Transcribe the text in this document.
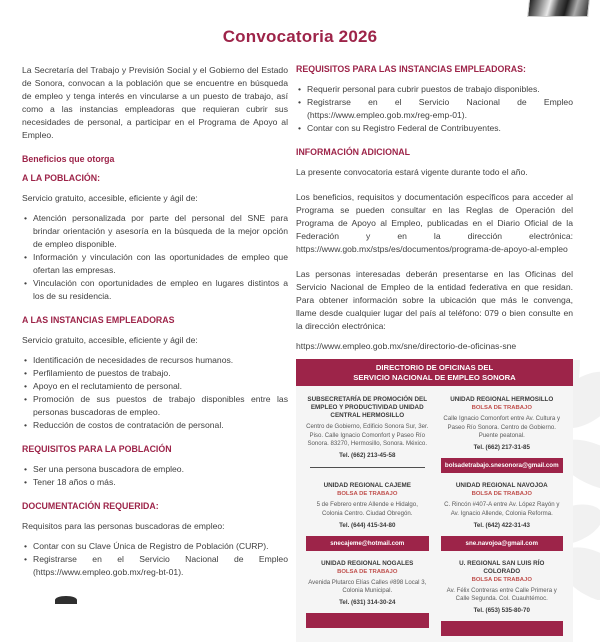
Convocatoria 2026

La Secretaría del Trabajo y Previsión Social y el Gobierno del Estado de Sonora, convocan a la población que se encuentre en búsqueda de empleo y tenga interés en vincularse a un puesto de trabajo, así como a las instancias empleadoras que requieran cubrir sus necesidades de personal, a participar en el Programa de Apoyo al Empleo.

Beneficios que otorga
A LA POBLACIÓN:

Servicio gratuito, accesible, eficiente y ágil de:

• Atención personalizada por parte del personal del SNE para brindar orientación y asesoría en la búsqueda de la mejor opción de empleo disponible.
• Información y vinculación con las oportunidades de empleo que ofertan las empresas.
• Vinculación con oportunidades de empleo en lugares distintos a los de su residencia.
A LAS INSTANCIAS EMPLEADORAS

Servicio gratuito, accesible, eficiente y ágil de:

• Identificación de necesidades de recursos humanos.
• Perfilamiento de puestos de trabajo.
• Apoyo en el reclutamiento de personal.
• Promoción de sus puestos de trabajo disponibles entre las personas buscadoras de empleo.
• Reducción de costos de contratación de personal.
REQUISITOS PARA LA POBLACIÓN
• Ser una persona buscadora de empleo.
• Tener 18 años o más.
DOCUMENTACIÓN REQUERIDA:

Requisitos para las personas buscadoras de empleo:

• Contar con su Clave Única de Registro de Población (CURP).
• Registrarse en el Servicio Nacional de Empleo (https://www.empleo.gob.mx/reg-bt-01).
REQUISITOS PARA LAS INSTANCIAS EMPLEADORAS:
• Requerir personal para cubrir puestos de trabajo disponibles.
• Registrarse en el Servicio Nacional de Empleo (https://www.empleo.gob.mx/reg-emp-01).
• Contar con su Registro Federal de Contribuyentes.
INFORMACIÓN ADICIONAL

La presente convocatoria estará vigente durante todo el año.

Los beneficios, requisitos y documentación específicos para acceder al Programa se pueden consultar en las Reglas de Operación del Programa de Apoyo al Empleo, publicadas en el Diario Oficial de la Federación y en la dirección electrónica: https://www.gob.mx/stps/es/documentos/programa-de-apoyo-al-empleo

Las personas interesadas deberán presentarse en las Oficinas del Servicio Nacional de Empleo de la entidad federativa en que residan. Para obtener información sobre la ubicación que más le convenga, llame desde cualquier lugar del país al teléfono: 079 o bien consulte en la dirección electrónica:

https://www.empleo.gob.mx/sne/directorio-de-oficinas-sne

DIRECTORIO DE OFICINAS DEL
SERVICIO NACIONAL DE EMPLEO SONORA
SUBSECRETARÍA DE PROMOCIÓN DEL EMPLEO Y PRODUCTIVIDAD UNIDAD CENTRAL HERMOSILLO
Centro de Gobierno, Edificio Sonora Sur, 3er. Piso. Calle Ignacio Comonfort y Paseo Río Sonora. 83270, Hermosillo, Sonora. México.
Tel. (662) 213-45-58
UNIDAD REGIONAL HERMOSILLO
BOLSA DE TRABAJO
Calle Ignacio Comonfort entre Av. Cultura y Paseo Río Sonora. Centro de Gobierno. Puente peatonal.
Tel. (662) 217-31-85
bolsadetrabajo.snesonora@gmail.com
UNIDAD REGIONAL CAJEME
BOLSA DE TRABAJO
5 de Febrero entre Allende e Hidalgo, Colonia Centro. Ciudad Obregón.
Tel. (644) 415-34-80
snecajeme@hotmail.com
UNIDAD REGIONAL NAVOJOA
BOLSA DE TRABAJO
C. Rincón #407-A entre Av. López Rayón y Av. Ignacio Allende, Colonia Reforma.
Tel. (642) 422-31-43
sne.navojoa@gmail.com
UNIDAD REGIONAL NOGALES
BOLSA DE TRABAJO
Avenida Plutarco Elías Calles #898 Local 3, Colonia Municipal.
Tel. (631) 314-30-24
U. REGIONAL SAN LUIS RÍO COLORADO
BOLSA DE TRABAJO
Av. Félix Contreras entre Calle Primera y Calle Segunda. Col. Cuauhtémoc.
Tel. (653) 535-80-70
